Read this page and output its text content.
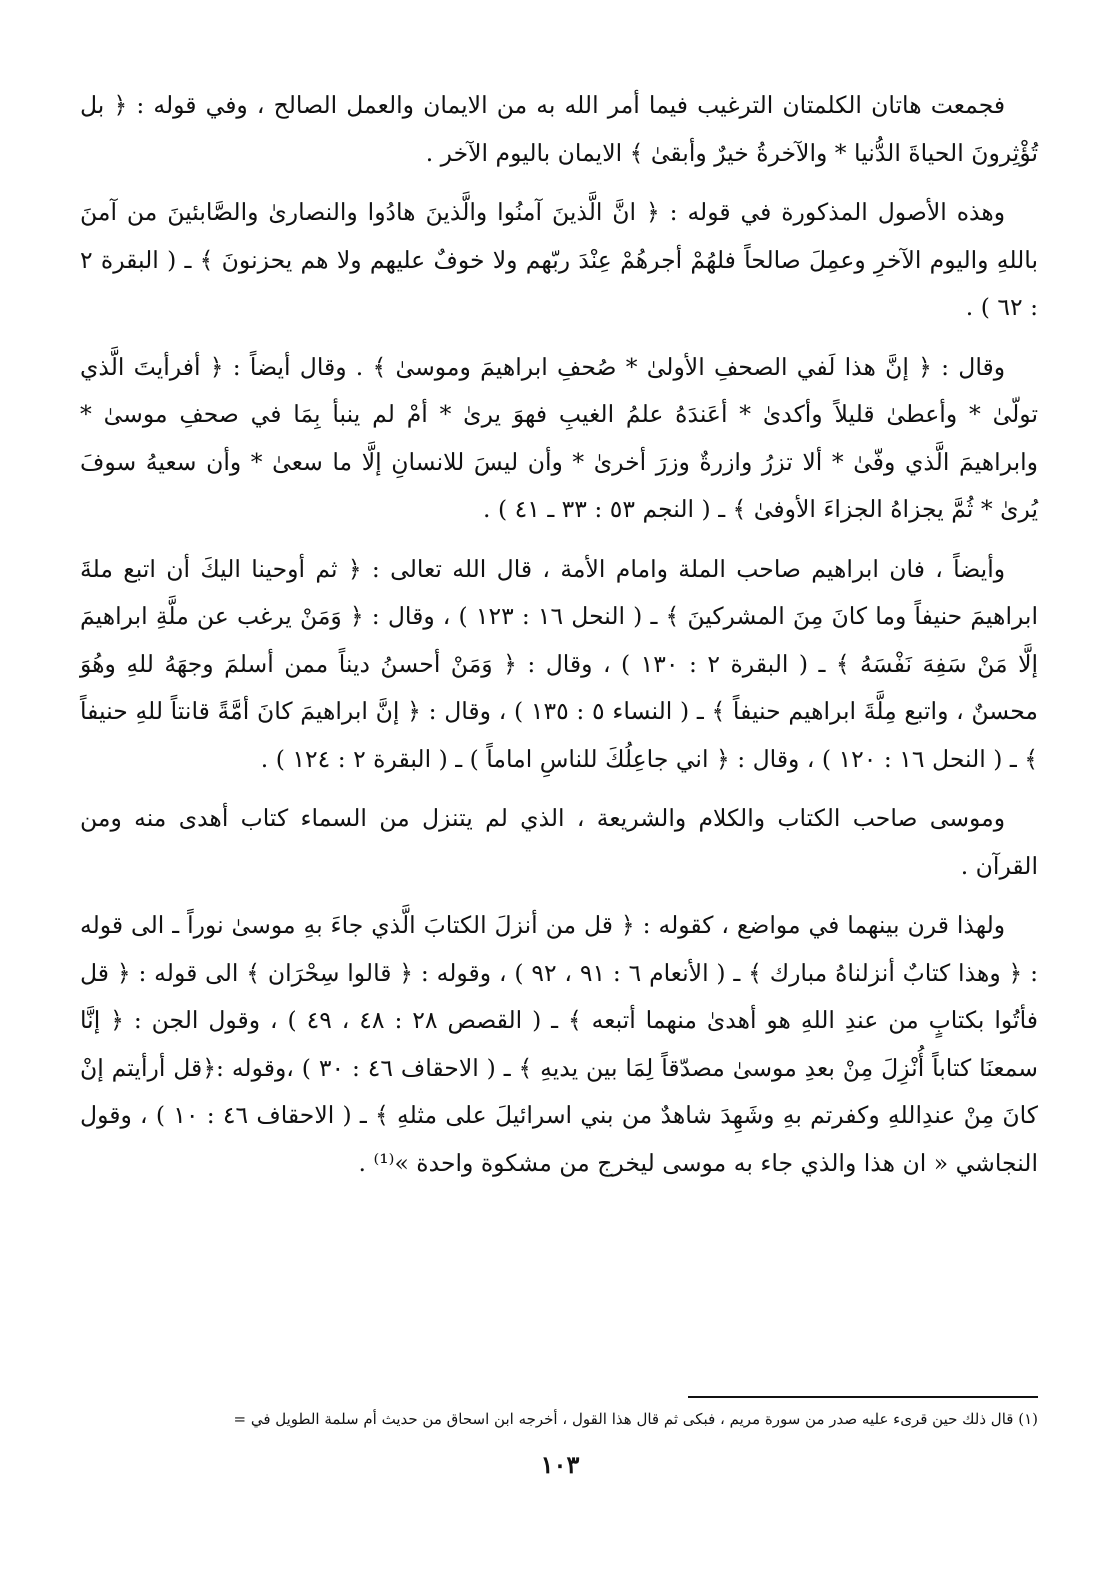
فجمعت هاتان الكلمتان الترغيب فيما أمر الله به من الايمان والعمل الصالح ، وفي قوله : ﴿ بل تُؤْثِرونَ الحياةَ الدُّنيا * والآخرةُ خيرٌ وأبقىٰ ﴾ الايمان باليوم الآخر .

وهذه الأصول المذكورة في قوله : ﴿ انَّ الَّذينَ آمنُوا والَّذينَ هادُوا والنصارىٰ والصَّابئينَ من آمنَ باللهِ واليوم الآخرِ وعمِلَ صالحاً فلهُمْ أجرهُمْ عِنْدَ ربّهم ولا خوفٌ عليهم ولا هم يحزنونَ ﴾ ـ ( البقرة ٢ : ٦٢ ) .

وقال : ﴿ إنَّ هذا لَفي الصحفِ الأولىٰ * صُحفِ ابراهيمَ وموسىٰ ﴾ . وقال أيضاً : ﴿ أفرأيتَ الَّذي تولّىٰ * وأعطىٰ قليلاً وأكدىٰ * أعَندَهُ علمُ الغيبِ فهوَ يرىٰ * أمْ لم ينبأ بِمَا في صحفِ موسىٰ * وابراهيمَ الَّذي وفّىٰ * ألا تزرُ وازرةٌ وزرَ أخرىٰ * وأن ليسَ للانسانِ إلَّا ما سعىٰ * وأن سعيهُ سوفَ يُرىٰ * ثُمَّ يجزاهُ الجزاءَ الأوفىٰ ﴾ ـ ( النجم ٥٣ : ٣٣ ـ ٤١ ) .

وأيضاً ، فان ابراهيم صاحب الملة وامام الأمة ، قال الله تعالى : ﴿ ثم أوحينا اليكَ أن اتبع ملةَ ابراهيمَ حنيفاً وما كانَ مِنَ المشركينَ ﴾ ـ ( النحل ١٦ : ١٢٣ ) ، وقال : ﴿ وَمَنْ يرغب عن ملَّةِ ابراهيمَ إلَّا مَنْ سَفِهَ نَفْسَهُ ﴾ ـ ( البقرة ٢ : ١٣٠ ) ، وقال : ﴿ وَمَنْ أحسنُ ديناً ممن أسلمَ وجهَهُ للهِ وهُوَ محسنٌ ، واتبع مِلَّةَ ابراهيم حنيفاً ﴾ ـ ( النساء ٥ : ١٣٥ ) ، وقال : ﴿ إنَّ ابراهيمَ كانَ أمَّةً قانتاً للهِ حنيفاً ﴾ ـ ( النحل ١٦ : ١٢٠ ) ، وقال : ﴿ اني جاعِلُكَ للناسِ اماماً ) ـ ( البقرة ٢ : ١٢٤ ) .

وموسى صاحب الكتاب والكلام والشريعة ، الذي لم يتنزل من السماء كتاب أهدى منه ومن القرآن .

ولهذا قرن بينهما في مواضع ، كقوله : ﴿ قل من أنزلَ الكتابَ الَّذي جاءَ بهِ موسىٰ نوراً ـ الى قوله : ﴿ وهذا كتابٌ أنزلناهُ مبارك ﴾ ـ ( الأنعام ٦ : ٩١ ، ٩٢ ) ، وقوله : ﴿ قالوا سِحْرَان ﴾ الى قوله : ﴿ قل فأتُوا بكتابٍ من عندِ اللهِ هو أهدىٰ منهما أتبعه ﴾ ـ ( القصص ٢٨ : ٤٨ ، ٤٩ ) ، وقول الجن : ﴿ إنَّا سمعنَا كتاباً أُنْزِلَ مِنْ بعدِ موسىٰ مصدّقاً لِمَا بين يديهِ ﴾ ـ ( الاحقاف ٤٦ : ٣٠ ) ،وقوله :﴿قل أرأيتم إنْ كانَ مِنْ عندِاللهِ وكفرتم بهِ وشَهِدَ شاهدٌ من بني اسرائيلَ على مثلهِ ﴾ ـ ( الاحقاف ٤٦ : ١٠ ) ، وقول النجاشي « ان هذا والذي جاء به موسى ليخرج من مشكوة واحدة »⁽¹⁾ .

(١) قال ذلك حين قرىء عليه صدر من سورة مريم ، فبكى ثم قال هذا القول ، أخرجه ابن اسحاق من حديث أم سلمة الطويل في =
١٠٣
